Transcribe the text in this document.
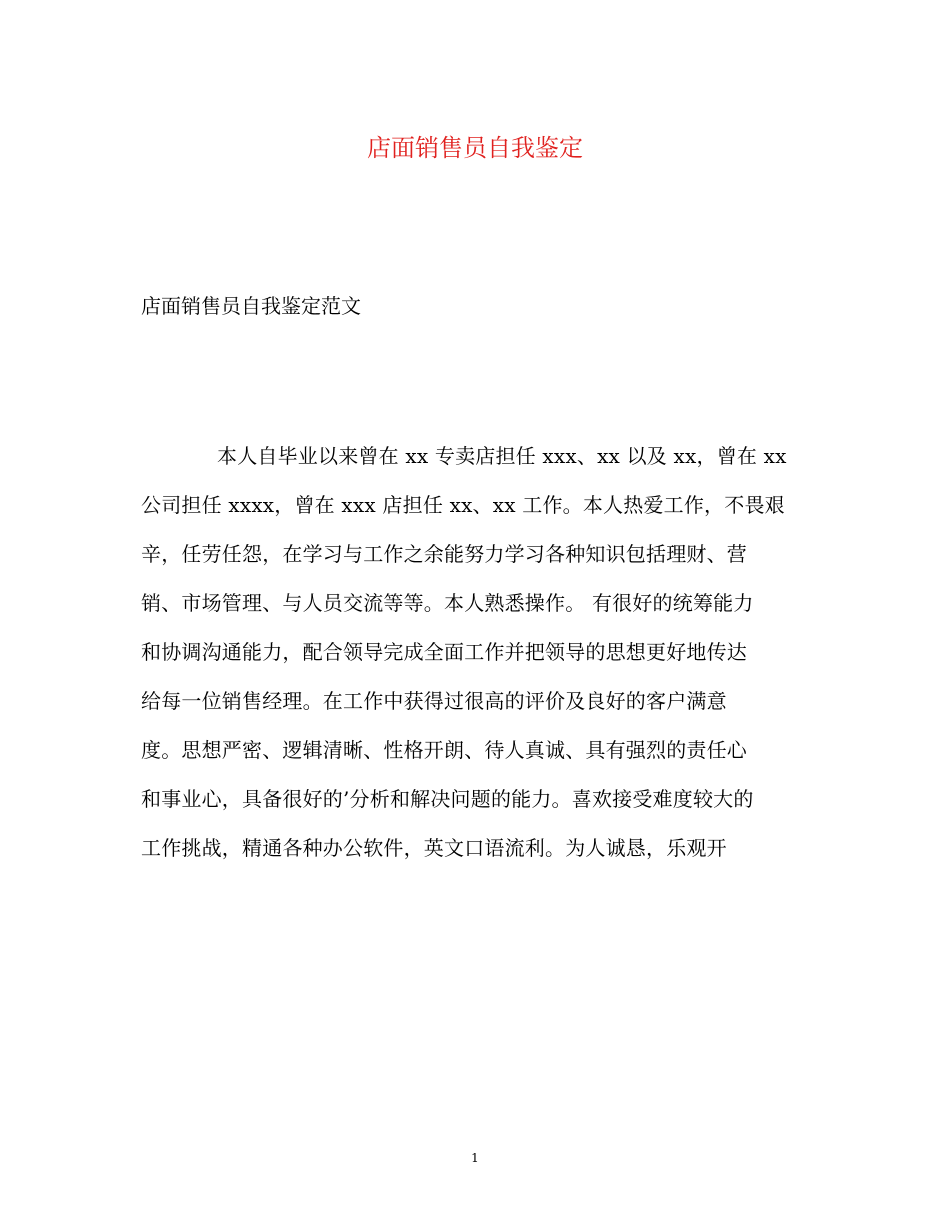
店面销售员自我鉴定

店面销售员自我鉴定范文

本人自毕业以来曾在 xx 专卖店担任 xxx、xx 以及 xx，曾在 xx
公司担任 xxxx，曾在 xxx 店担任 xx、xx 工作。本人热爱工作，不畏艰
辛，任劳任怨，在学习与工作之余能努力学习各种知识包括理财、营
销、市场管理、与人员交流等等。本人熟悉操作。 有很好的统筹能力
和协调沟通能力，配合领导完成全面工作并把领导的思想更好地传达
给每一位销售经理。在工作中获得过很高的评价及良好的客户满意
度。思想严密、逻辑清晰、性格开朗、待人真诚、具有强烈的责任心
和事业心，具备很好的’分析和解决问题的能力。喜欢接受难度较大的
工作挑战，精通各种办公软件，英文口语流利。为人诚恳，乐观开
1
